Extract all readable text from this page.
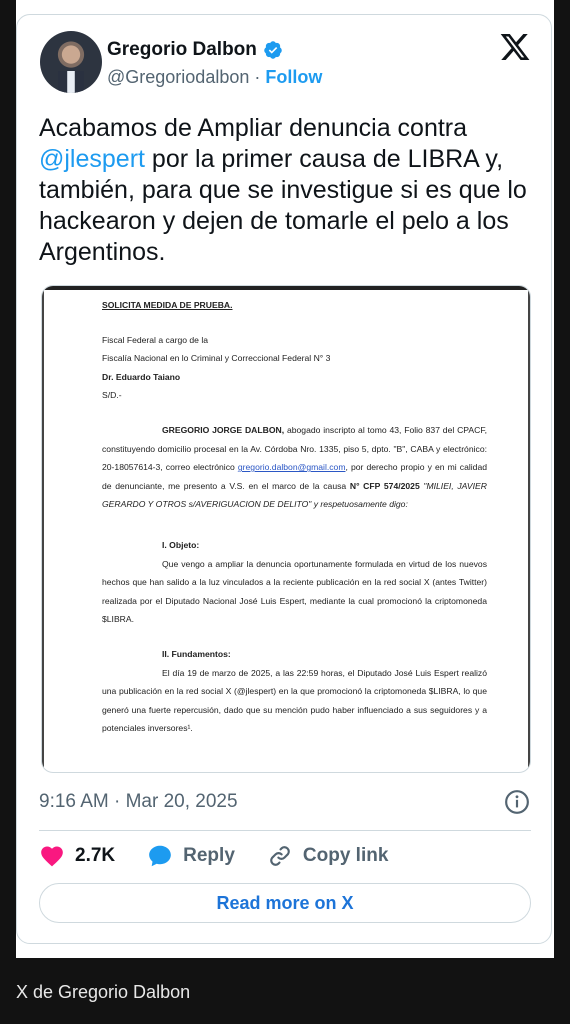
Gregorio Dalbon
@Gregoriodalbon · Follow

Acabamos de Ampliar denuncia contra @jlespert por la primer causa de LIBRA y, también, para que se investigue si es que lo hackearon y dejen de tomarle el pelo a los Argentinos.

SOLICITA MEDIDA DE PRUEBA.

Fiscal Federal a cargo de la

Fiscalía Nacional en lo Criminal y Correccional Federal N° 3

Dr. Eduardo Taiano

S/D.-

GREGORIO JORGE DALBON, abogado inscripto al tomo 43, Folio 837 del CPACF, constituyendo domicilio procesal en la Av. Córdoba Nro. 1335, piso 5, dpto. "B", CABA y electrónico: 20-18057614-3, correo electrónico gregorio.dalbon@gmail.com, por derecho propio y en mi calidad de denunciante, me presento a V.S. en el marco de la causa N° CFP 574/2025 "MILIEI, JAVIER GERARDO Y OTROS s/AVERIGUACION DE DELITO" y respetuosamente digo:

I. Objeto:

Que vengo a ampliar la denuncia oportunamente formulada en virtud de los nuevos hechos que han salido a la luz vinculados a la reciente publicación en la red social X (antes Twitter) realizada por el Diputado Nacional José Luis Espert, mediante la cual promocionó la criptomoneda $LIBRA.

II. Fundamentos:

El día 19 de marzo de 2025, a las 22:59 horas, el Diputado José Luis Espert realizó una publicación en la red social X (@jlespert) en la que promocionó la criptomoneda $LIBRA, lo que generó una fuerte repercusión, dado que su mención pudo haber influenciado a sus seguidores y a potenciales inversores¹.

9:16 AM · Mar 20, 2025
2.7K	Reply	Copy link
Read more on X
X de Gregorio Dalbon
